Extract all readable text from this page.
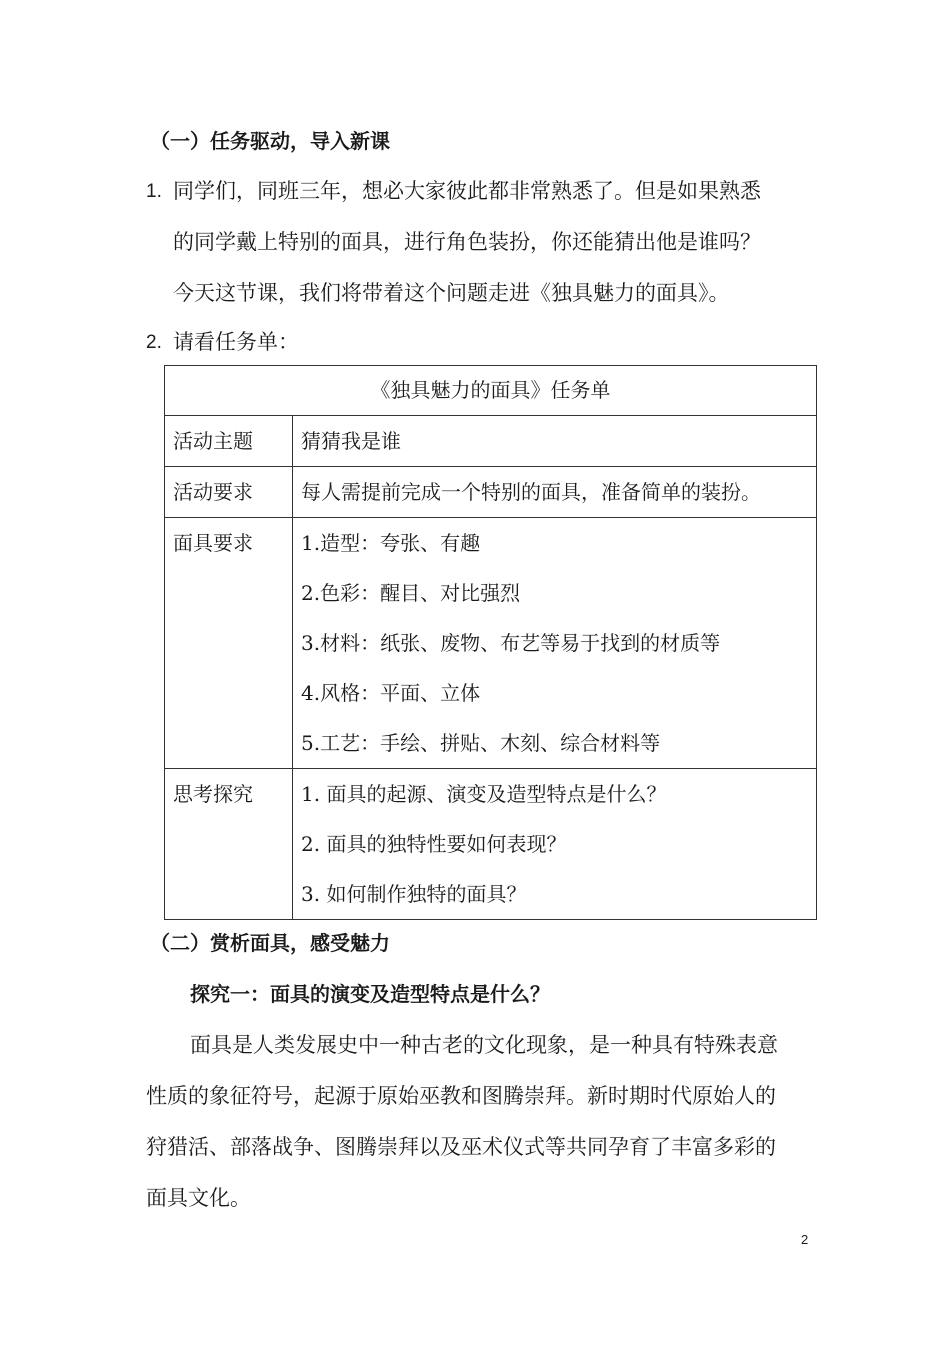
（一）任务驱动，导入新课
1. 同学们，同班三年，想必大家彼此都非常熟悉了。但是如果熟悉
的同学戴上特别的面具，进行角色装扮，你还能猜出他是谁吗？
今天这节课，我们将带着这个问题走进《独具魅力的面具》。
2. 请看任务单：
《独具魅力的面具》任务单	

活动主题	猜猜我是谁

活动要求	每人需提前完成一个特别的面具，准备简单的装扮。

面具要求	1.造型：夸张、有趣
2.色彩：醒目、对比强烈
3.材料：纸张、废物、布艺等易于找到的材质等
4.风格：平面、立体
5.工艺：手绘、拼贴、木刻、综合材料等

思考探究	1. 面具的起源、演变及造型特点是什么？
2. 面具的独特性要如何表现？
3. 如何制作独特的面具？
（二）赏析面具，感受魅力
探究一：面具的演变及造型特点是什么？
面具是人类发展史中一种古老的文化现象，是一种具有特殊表意
性质的象征符号，起源于原始巫教和图腾崇拜。新时期时代原始人的
狩猎活、部落战争、图腾崇拜以及巫术仪式等共同孕育了丰富多彩的
面具文化。
2
